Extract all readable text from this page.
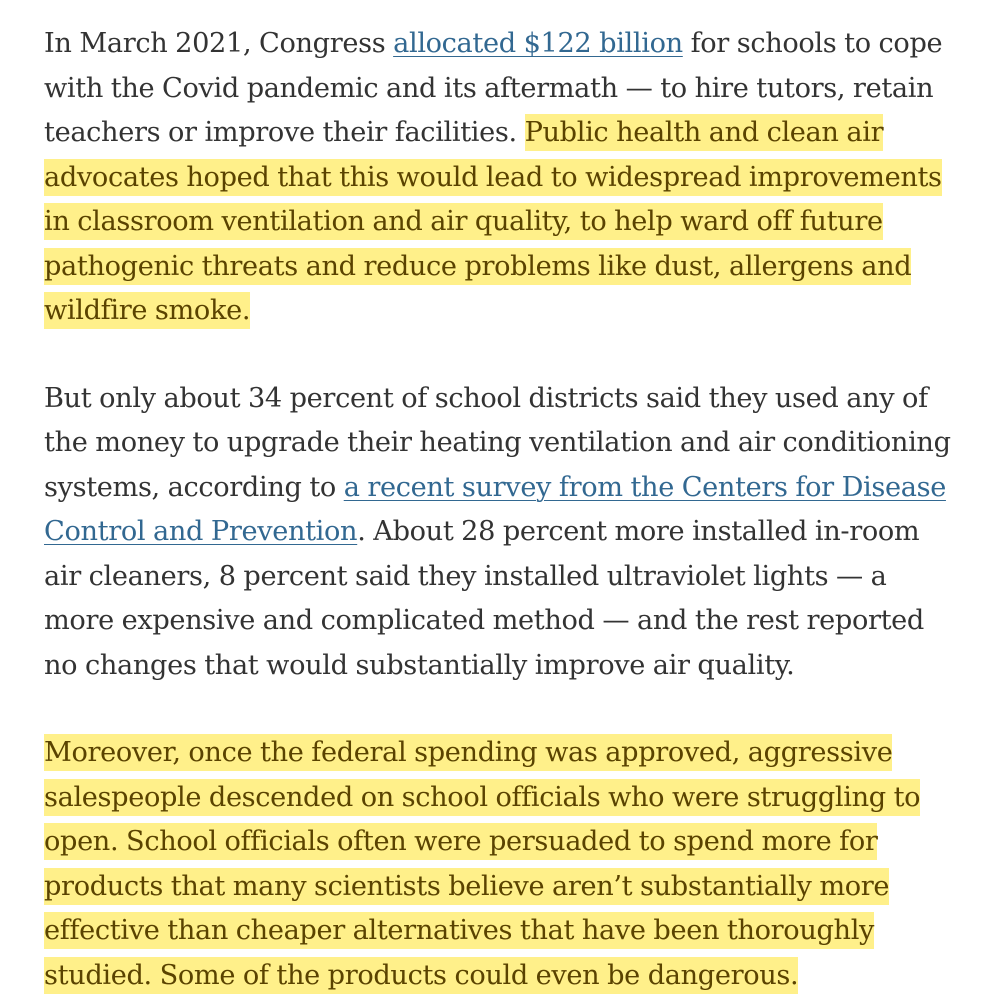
In March 2021, Congress allocated $122 billion for schools to cope with the Covid pandemic and its aftermath — to hire tutors, retain teachers or improve their facilities. Public health and clean air advocates hoped that this would lead to widespread improvements in classroom ventilation and air quality, to help ward off future pathogenic threats and reduce problems like dust, allergens and wildfire smoke.

But only about 34 percent of school districts said they used any of the money to upgrade their heating ventilation and air conditioning systems, according to a recent survey from the Centers for Disease Control and Prevention. About 28 percent more installed in-room air cleaners, 8 percent said they installed ultraviolet lights — a more expensive and complicated method — and the rest reported no changes that would substantially improve air quality.

Moreover, once the federal spending was approved, aggressive salespeople descended on school officials who were struggling to open. School officials often were persuaded to spend more for products that many scientists believe aren’t substantially more effective than cheaper alternatives that have been thoroughly studied. Some of the products could even be dangerous.
